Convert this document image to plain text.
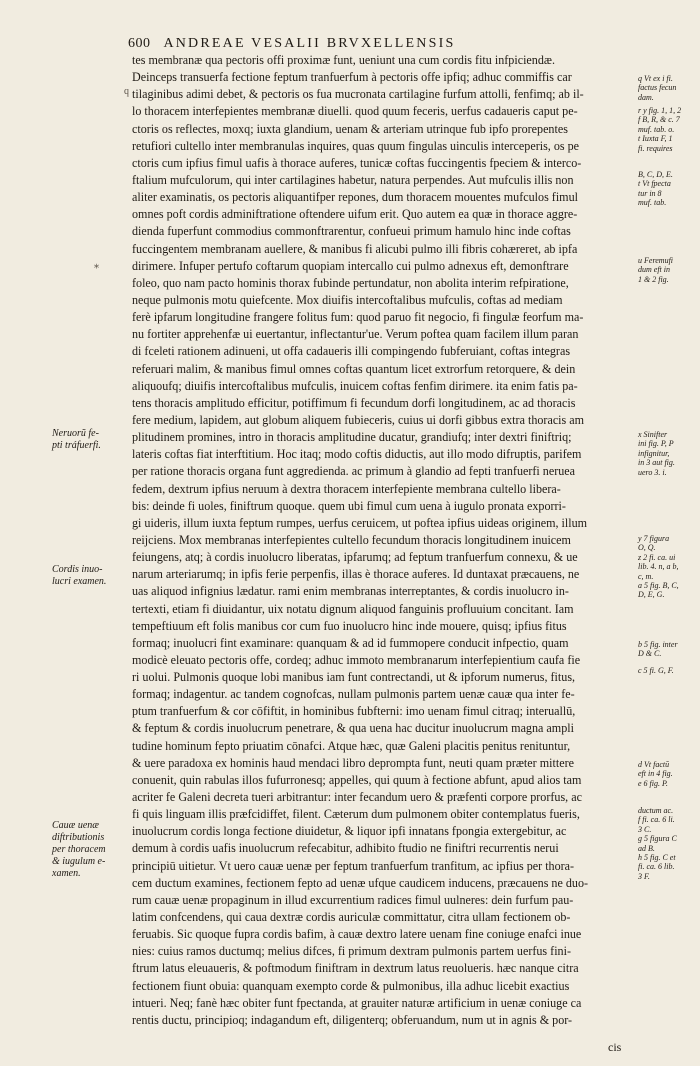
600 ANDREAE VESALII BRVXELLENSIS
tes membranæ qua pectoris offi proximæ funt, ueniunt una cum cordis fitu infpiciendæ.
Deinceps transuerfa fectione feptum tranfuerfum à pectoris offe ipfiq; adhuc commiffis car
tilaginibus adimi debet, & pectoris os fua mucronata cartilagine furfum attolli, fenfimq; ab il-
lo thoracem interfepientes membranæ diuelli. quod quum feceris, uerfus cadaueris caput pe-
ctoris os reflectes, moxq; iuxta glandium, uenam & arteriam utrinque fub ipfo prorepentes
retufiori cultello inter membranulas inquires, quas quum fingulas uinculis interceperis, os pe
ctoris cum ipfius fimul uafis à thorace auferes, tunicæ coftas fuccingentis fpeciem & interco-
ftalium mufculorum, qui inter cartilagines habetur, natura perpendes. Aut mufculis illis non
aliter examinatis, os pectoris aliquantifper repones, dum thoracem mouentes mufculos fimul
omnes poft cordis adminiftratione oftendere uifum erit. Quo autem ea quæ in thorace aggre-
dienda fuperfunt commodius commonftrarentur, confueui primum hamulo hinc inde coftas
fuccingentem membranam auellere, & manibus fi alicubi pulmo illi fibris cohæreret, ab ipfa
dirimere. Infuper pertufo coftarum quopiam intercallo cui pulmo adnexus eft, demonftrare
foleo, quo nam pacto hominis thorax fubinde pertundatur, non abolita interim refpiratione,
neque pulmonis motu quiefcente. Mox diuifis intercoftalibus mufculis, coftas ad mediam
ferè ipfarum longitudine frangere folitus fum: quod paruo fit negocio, fi fingulæ feorfum ma-
nu fortiter apprehenfæ ui euertantur, inflectantur'ue. Verum poftea quam facilem illum paran
di fceleti rationem adinueni, ut offa cadaueris illi compingendo fubferuiant, coftas integras
referuari malim, & manibus fimul omnes coftas quantum licet extrorfum retorquere, & dein
aliquoufq; diuifis intercoftalibus mufculis, inuicem coftas fenfim dirimere. ita enim fatis pa-
tens thoracis amplitudo efficitur, potiffimum fi fecundum dorfi longitudinem, ac ad thoracis
fere medium, lapidem, aut globum aliquem fubieceris, cuius ui dorfi gibbus extra thoracis am
plitudinem promines, intro in thoracis amplitudine ducatur, grandiufq; inter dextri finiftriq;
lateris coftas fiat interftitium. Hoc itaq; modo coftis diductis, aut illo modo difruptis, parifem
per ratione thoracis organa funt aggredienda. ac primum à glandio ad fepti tranfuerfi neruea
fedem, dextrum ipfius neruum à dextra thoracem interfepiente membrana cultello libera-
bis: deinde fi uoles, finiftrum quoque. quem ubi fimul cum uena à iugulo pronata exporri-
gi uideris, illum iuxta feptum rumpes, uerfus ceruicem, ut poftea ipfius uideas originem, illum
reijciens. Mox membranas interfepientes cultello fecundum thoracis longitudinem inuicem
feiungens, atq; à cordis inuolucro liberatas, ipfarumq; ad feptum tranfuerfum connexu, & ue
narum arteriarumq; in ipfis ferie perpenfis, illas è thorace auferes. Id duntaxat præcauens, ne
uas aliquod infignius lædatur. rami enim membranas interreptantes, & cordis inuolucro in-
tertexti, etiam fi diuidantur, uix notatu dignum aliquod fanguinis profluuium concitant. Iam
tempeftiuum eft folis manibus cor cum fuo inuolucro hinc inde mouere, quisq; ipfius fitus
formaq; inuolucri fint examinare: quanquam & ad id fummopere conducit infpectio, quam
modicè eleuato pectoris offe, cordeq; adhuc immoto membranarum interfepientium caufa fie
ri uolui. Pulmonis quoque lobi manibus iam funt contrectandi, ut & ipforum numerus, fitus,
formaq; indagentur. ac tandem cognofcas, nullam pulmonis partem uenæ cauæ qua inter fe-
ptum tranfuerfum & cor cōfiftit, in hominibus fubfterni: imo uenam fimul citraq; interuallū,
& feptum & cordis inuolucrum penetrare, & qua uena hac ducitur inuolucrum magna ampli
tudine hominum fepto priuatim cōnafci. Atque hæc, quæ Galeni placitis penitus renituntur,
& uere paradoxa ex hominis haud mendaci libro deprompta funt, neuti quam præter mittere
conuenit, quin rabulas illos fufurronesq; appelles, qui quum à fectione abfunt, apud alios tam
acriter fe Galeni decreta tueri arbitrantur: inter fecandum uero & præfenti corpore prorfus, ac
fi quis linguam illis præfcidiffet, filent. Cæterum dum pulmonem obiter contemplatus fueris,
inuolucrum cordis longa fectione diuidetur, & liquor ipfi innatans fpongia extergebitur, ac
demum à cordis uafis inuolucrum refecabitur, adhibito ftudio ne finiftri recurrentis nerui
principiū uitietur. Vt uero cauæ uenæ per feptum tranfuerfum tranfitum, ac ipfius per thora-
cem ductum examines, fectionem fepto ad uenæ ufque caudicem inducens, præcauens ne duo-
rum cauæ uenæ propaginum in illud excurrentium radices fimul uulneres: dein furfum pau-
latim confcendens, qui caua dextræ cordis auriculæ committatur, citra ullam fectionem ob-
feruabis. Sic quoque fupra cordis bafim, à cauæ dextro latere uenam fine coniuge enafci inue
nies: cuius ramos ductumq; melius difces, fi primum dextram pulmonis partem uerfus fini-
ftrum latus eleuaueris, & poftmodum finiftram in dextrum latus reuolueris. hæc nanque citra
fectionem fiunt obuia: quanquam exempto corde & pulmonibus, illa adhuc licebit exactius
intueri. Neq; fanè hæc obiter funt fpectanda, at grauiter naturæ artificium in uenæ coniuge ca
rentis ductu, principioq; indagandum eft, diligenterq; obferuandum, num ut in agnis & por-
Neruorũ fe-
pti tráfuerfi.
Cordis inuo-
lucri examen.
Cauæ uenæ
diftributionis
per thoracem
& iugulum e-
xamen.
q Vt ex i fi.
factus fecun
dam.
r y fig. 1, 1, 2
f B, R, & c. 7
muf. tab. o.
t Iuxta F, 1
fi. requires
B, C, D, E.
t Vt fpecta
tur in 8
muf. tab.
u Feremufi
dum eft in
1 & 2 fig.
x Sinifter
ini fig. P, P
infignitur,
in 3 aut fig.
uero 3. i.
y 7 figura
O, Q.
z 2 fi. ca. ui
lib. 4. n, a b,
c, m.
a 5 fig. B, C,
D, E, G.
b 5 fig. inter
D & C.
c 5 fi. G, F.
d Vt factū
eft in 4 fig.
e 6 fig. P.
ductum ac.
f fi. ca. 6 li.
3 C.
g 5 figura C
ad B.
h 5 fig. C et
fi. ca. 6 lib.
3 F.
q
⁎
cis
